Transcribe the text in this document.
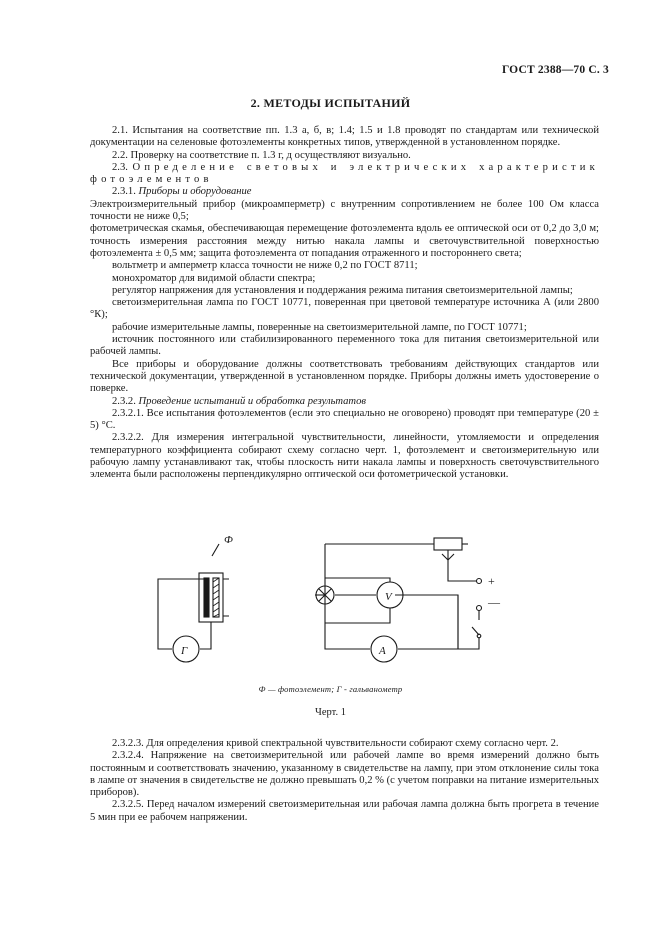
ГОСТ 2388—70 С. 3
2. МЕТОДЫ ИСПЫТАНИЙ

2.1. Испытания на соответствие пп. 1.3 а, б, в; 1.4; 1.5 и 1.8 проводят по стандартам или технической документации на селеновые фотоэлементы конкретных типов, утвержденной в установленном порядке.

2.2. Проверку на соответствие п. 1.3 г, д осуществляют визуально.

2.3. Определение световых и электрических характеристик фотоэлементов

2.3.1. Приборы и оборудование

Электроизмерительный прибор (микроамперметр) с внутренним сопротивлением не более 100 Ом класса точности не ниже 0,5;

фотометрическая скамья, обеспечивающая перемещение фотоэлемента вдоль ее оптической оси от 0,2 до 3,0 м; точность измерения расстояния между нитью накала лампы и светочувствительной поверхностью фотоэлемента ± 0,5 мм; защита фотоэлемента от попадания отраженного и постороннего света;

вольтметр и амперметр класса точности не ниже 0,2 по ГОСТ 8711;

монохроматор для видимой области спектра;

регулятор напряжения для установления и поддержания режима питания светоизмерительной лампы;

светоизмерительная лампа по ГОСТ 10771, поверенная при цветовой температуре источника А (или 2800 °К);

рабочие измерительные лампы, поверенные на светоизмерительной лампе, по ГОСТ 10771;

источник постоянного или стабилизированного переменного тока для питания светоизмерительной или рабочей лампы.

Все приборы и оборудование должны соответствовать требованиям действующих стандартов или технической документации, утвержденной в установленном порядке. Приборы должны иметь удостоверение о поверке.

2.3.2. Проведение испытаний и обработка результатов

2.3.2.1. Все испытания фотоэлементов (если это специально не оговорено) проводят при температуре (20 ± 5) °С.

2.3.2.2. Для измерения интегральной чувствительности, линейности, утомляемости и определения температурного коэффициента собирают схему согласно черт. 1, фотоэлемент и светоизмерительную или рабочую лампу устанавливают так, чтобы плоскость нити накала лампы и поверхность светочувствительного элемента были расположены перпендикулярно оптической оси фотометрической установки.

Ф
Г
V
A
+
—
Ф — фотоэлемент; Г - гальванометр
Черт. 1

2.3.2.3. Для определения кривой спектральной чувствительности собирают схему согласно черт. 2.

2.3.2.4. Напряжение на светоизмерительной или рабочей лампе во время измерений должно быть постоянным и соответствовать значению, указанному в свидетельстве на лампу, при этом отклонение силы тока в лампе от значения в свидетельстве не должно превышать 0,2 % (с учетом поправки на питание измерительных приборов).

2.3.2.5. Перед началом измерений светоизмерительная или рабочая лампа должна быть прогрета в течение 5 мин при ее рабочем напряжении.
